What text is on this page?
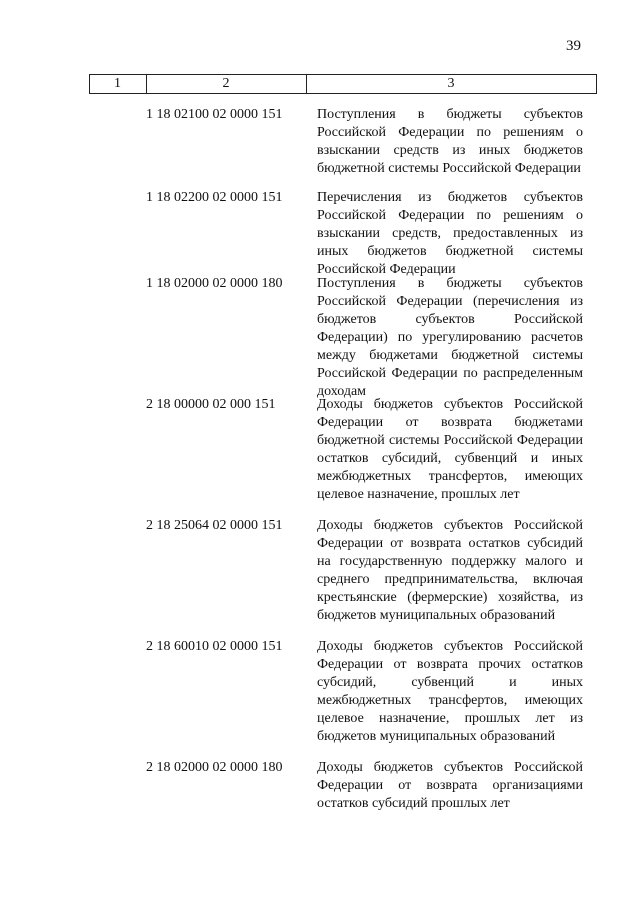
39
1	2	3
1 18 02100 02 0000 151 Поступления в бюджеты субъектов Российской Федерации по решениям о взыскании средств из иных бюджетов бюджетной системы Российской Федерации
1 18 02200 02 0000 151 Перечисления из бюджетов субъектов Российской Федерации по решениям о взыскании средств, предоставленных из иных бюджетов бюджетной системы Российской Федерации
1 18 02000 02 0000 180 Поступления в бюджеты субъектов Российской Федерации (перечисления из бюджетов субъектов Российской Федерации) по урегулированию расчетов между бюджетами бюджетной системы Российской Федерации по распределенным доходам
2 18 00000 02 000 151	Доходы бюджетов субъектов Российской Федерации от возврата бюджетами бюджетной системы Российской Федерации остатков субсидий, субвенций и иных межбюджетных трансфертов, имеющих целевое назначение, прошлых лет
2 18 25064 02 0000 151 Доходы бюджетов субъектов Российской Федерации от возврата остатков субсидий на государственную поддержку малого и среднего предпринимательства, включая крестьянские (фермерские) хозяйства, из бюджетов муниципальных образований
2 18 60010 02 0000 151 Доходы бюджетов субъектов Российской Федерации от возврата прочих остатков субсидий, субвенций и иных межбюджетных трансфертов, имеющих целевое назначение, прошлых лет из бюджетов муниципальных образований
2 18 02000 02 0000 180 Доходы бюджетов субъектов Российской Федерации от возврата организациями остатков субсидий прошлых лет
